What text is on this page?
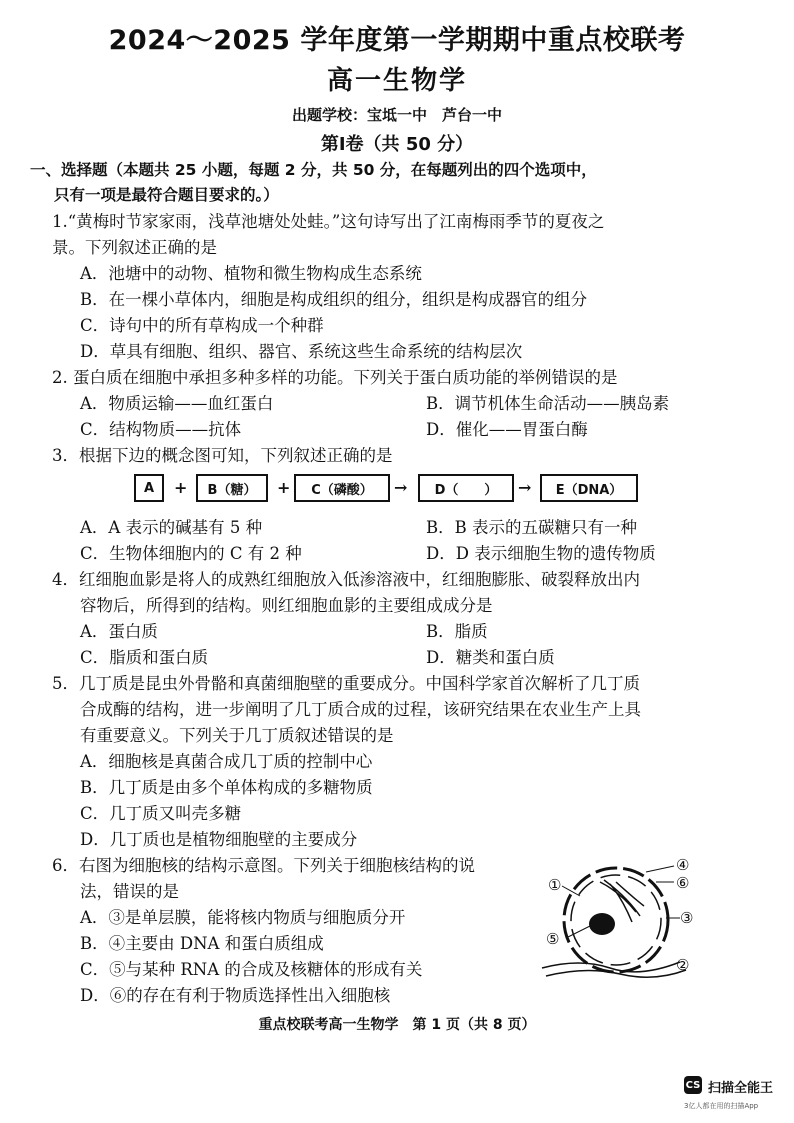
2024～2025 学年度第一学期期中重点校联考
高一生物学
出题学校：宝坻一中　芦台一中
第Ⅰ卷（共 50 分）
一、选择题（本题共 25 小题，每题 2 分，共 50 分，在每题列出的四个选项中，
只有一项是最符合题目要求的。）
1.“黄梅时节家家雨，浅草池塘处处蛙。”这句诗写出了江南梅雨季节的夏夜之
景。下列叙述正确的是
A．池塘中的动物、植物和微生物构成生态系统
B．在一棵小草体内，细胞是构成组织的组分，组织是构成器官的组分
C．诗句中的所有草构成一个种群
D．草具有细胞、组织、器官、系统这些生命系统的结构层次
2. 蛋白质在细胞中承担多种多样的功能。下列关于蛋白质功能的举例错误的是
A．物质运输——血红蛋白	B．调节机体生命活动——胰岛素
C．结构物质——抗体	D．催化——胃蛋白酶
3．根据下边的概念图可知，下列叙述正确的是
A	+	B（糖）	+	C（磷酸）	→	D（　　）	→	E（DNA）
A．A 表示的碱基有 5 种	B．B 表示的五碳糖只有一种
C．生物体细胞内的 C 有 2 种	D．D 表示细胞生物的遗传物质
4．红细胞血影是将人的成熟红细胞放入低渗溶液中，红细胞膨胀、破裂释放出内
容物后，所得到的结构。则红细胞血影的主要组成成分是
A．蛋白质	B．脂质
C．脂质和蛋白质	D．糖类和蛋白质
5．几丁质是昆虫外骨骼和真菌细胞壁的重要成分。中国科学家首次解析了几丁质
合成酶的结构，进一步阐明了几丁质合成的过程，该研究结果在农业生产上具
有重要意义。下列关于几丁质叙述错误的是
A．细胞核是真菌合成几丁质的控制中心
B．几丁质是由多个单体构成的多糖物质
C．几丁质又叫壳多糖
D．几丁质也是植物细胞壁的主要成分
6．右图为细胞核的结构示意图。下列关于细胞核结构的说
法，错误的是
A．③是单层膜，能将核内物质与细胞质分开
B．④主要由 DNA 和蛋白质组成
C．⑤与某种 RNA 的合成及核糖体的形成有关
D．⑥的存在有利于物质选择性出入细胞核
①
②
③
④
⑤
⑥
重点校联考高一生物学　第 1 页（共 8 页）
CS 扫描全能王
3亿人都在用的扫描App
